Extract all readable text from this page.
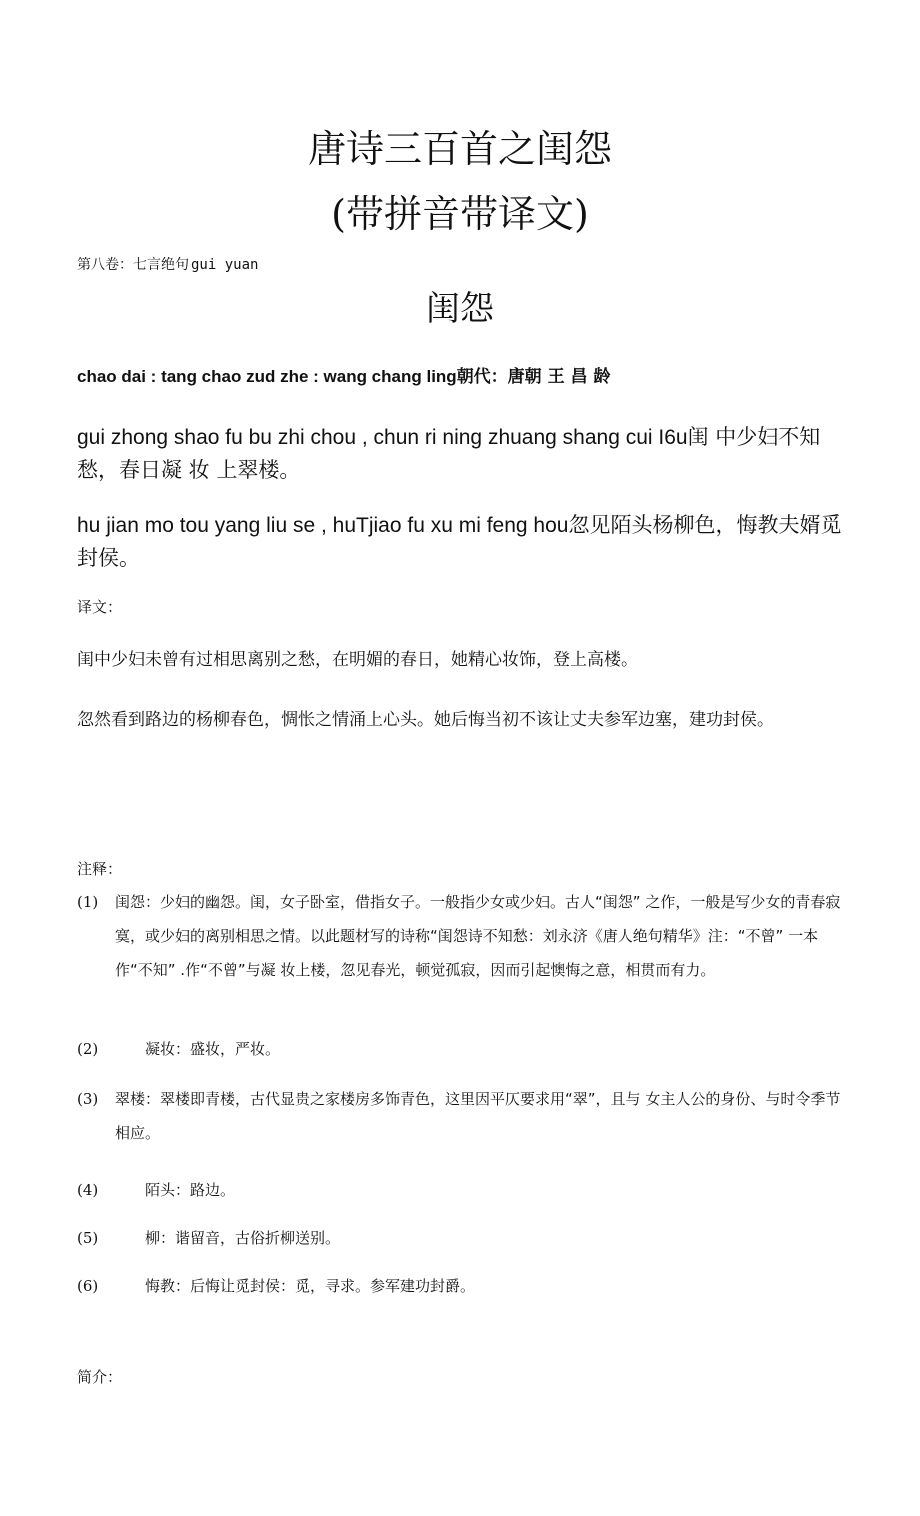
唐诗三百首之闺怨
(带拼音带译文)
第八卷：七言绝句 gui yuan
闺怨
chao dai : tang chao zud zhe : wang chang ling朝代：唐朝 王 昌 龄
gui zhong shao fu bu zhi chou , chun ri ning zhuang shang cui I6u闺 中少妇不知愁，春日凝 妆 上翠楼。
hu jian mo tou yang liu se , huTjiao fu xu mi feng hou忽见陌头杨柳色，悔教夫婿觅封侯。
译文：
闺中少妇未曾有过相思离别之愁，在明媚的春日，她精心妆饰，登上高楼。
忽然看到路边的杨柳春色，惆怅之情涌上心头。她后悔当初不该让丈夫参军边塞，建功封侯。
注释：
(1)	闺怨：少妇的幽怨。闺，女子卧室，借指女子。一般指少女或少妇。古人“闺怨” 之作，一般是写少女的青春寂寞，或少妇的离别相思之情。以此题材写的诗称“闺怨诗不知愁：刘永济《唐人绝句精华》注：“不曾” 一本作“不知” .作“不曾”与凝 妆上楼，忽见春光，顿觉孤寂，因而引起懊悔之意，相贯而有力。
(2)	凝妆：盛妆，严妆。
(3)	翠楼：翠楼即青楼，古代显贵之家楼房多饰青色，这里因平仄要求用“翠”，且与 女主人公的身份、与时令季节相应。
(4)	陌头：路边。
(5)	柳：谐留音，古俗折柳送别。
(6)	悔教：后悔让觅封侯：觅，寻求。参军建功封爵。
简介：
